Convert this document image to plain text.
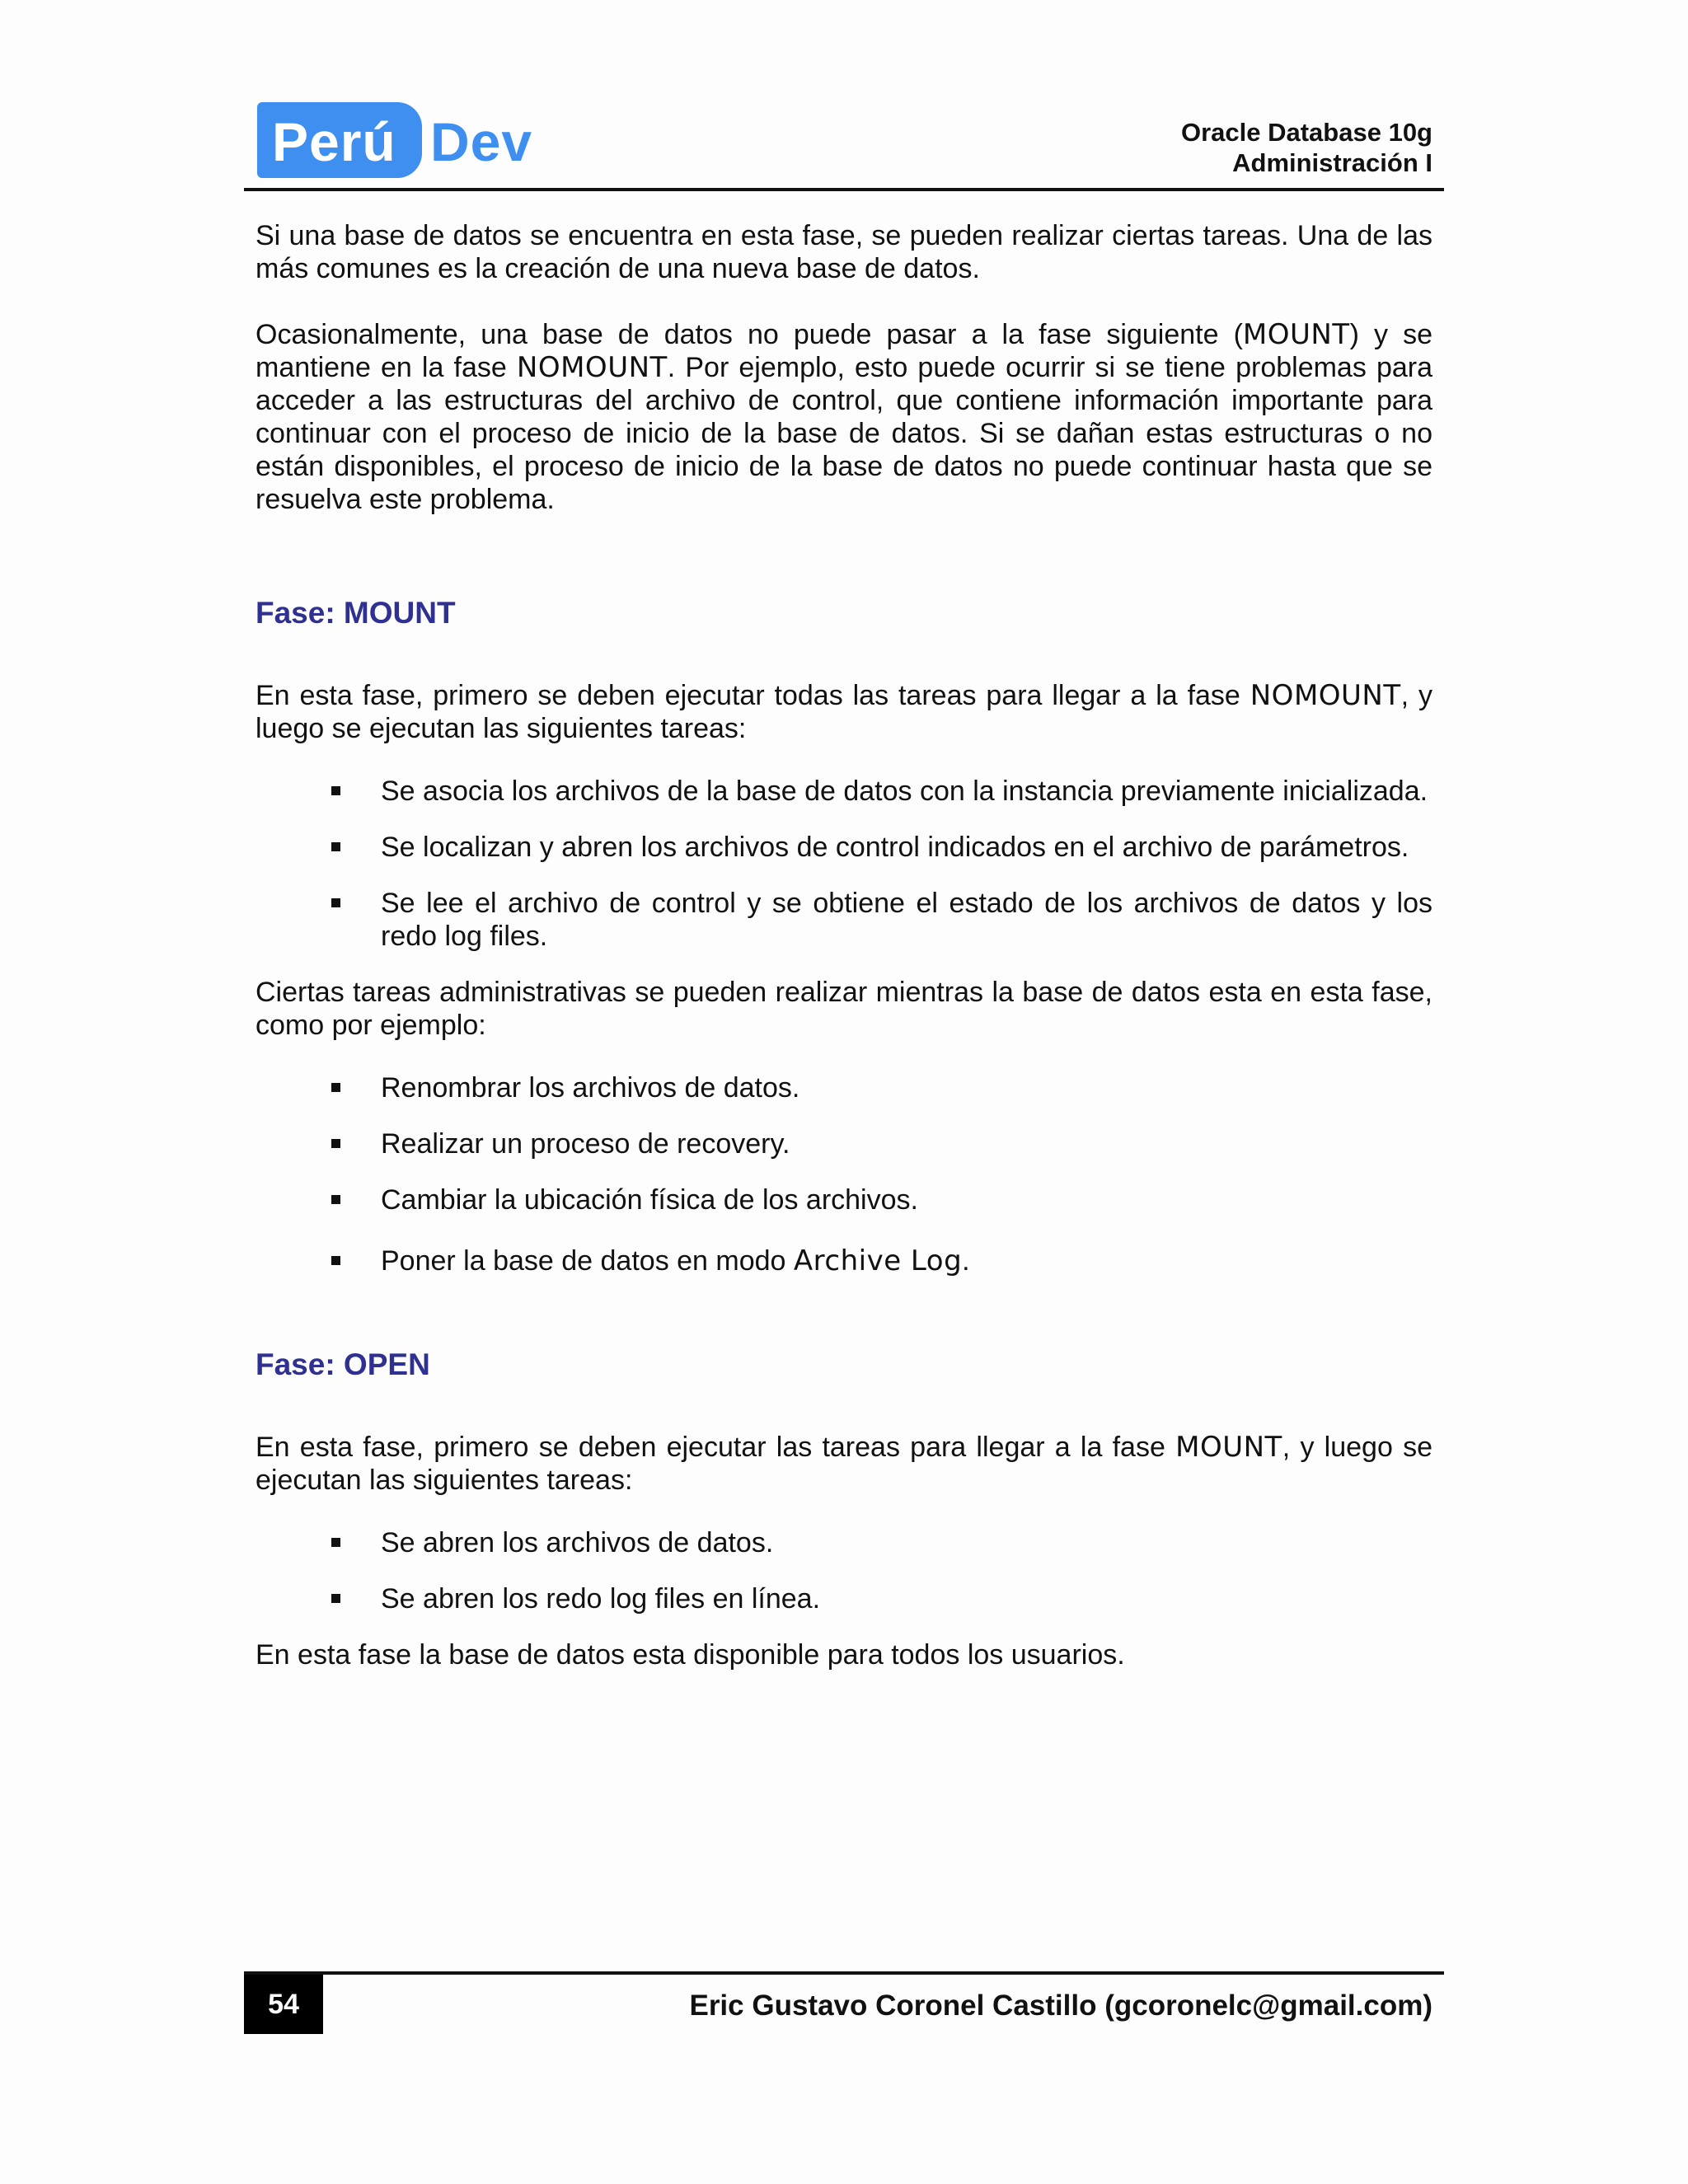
Perú Dev	Oracle Database 10g
Administración I

Si una base de datos se encuentra en esta fase, se pueden realizar ciertas tareas. Una de las más comunes es la creación de una nueva base de datos.

Ocasionalmente, una base de datos no puede pasar a la fase siguiente (MOUNT) y se mantiene en la fase NOMOUNT. Por ejemplo, esto puede ocurrir si se tiene problemas para acceder a las estructuras del archivo de control, que contiene información importante para continuar con el proceso de inicio de la base de datos. Si se dañan estas estructuras o no están disponibles, el proceso de inicio de la base de datos no puede continuar hasta que se resuelva este problema.

Fase: MOUNT

En esta fase, primero se deben ejecutar todas las tareas para llegar a la fase NOMOUNT, y luego se ejecutan las siguientes tareas:

Se asocia los archivos de la base de datos con la instancia previamente inicializada.
Se localizan y abren los archivos de control indicados en el archivo de parámetros.
Se lee el archivo de control y se obtiene el estado de los archivos de datos y los redo log files.

Ciertas tareas administrativas se pueden realizar mientras la base de datos esta en esta fase, como por ejemplo:

Renombrar los archivos de datos.
Realizar un proceso de recovery.
Cambiar la ubicación física de los archivos.
Poner la base de datos en modo Archive Log.
Fase: OPEN

En esta fase, primero se deben ejecutar las tareas para llegar a la fase MOUNT, y luego se ejecutan las siguientes tareas:

Se abren los archivos de datos.
Se abren los redo log files en línea.

En esta fase la base de datos esta disponible para todos los usuarios.

54	Eric Gustavo Coronel Castillo (gcoronelc@gmail.com)
